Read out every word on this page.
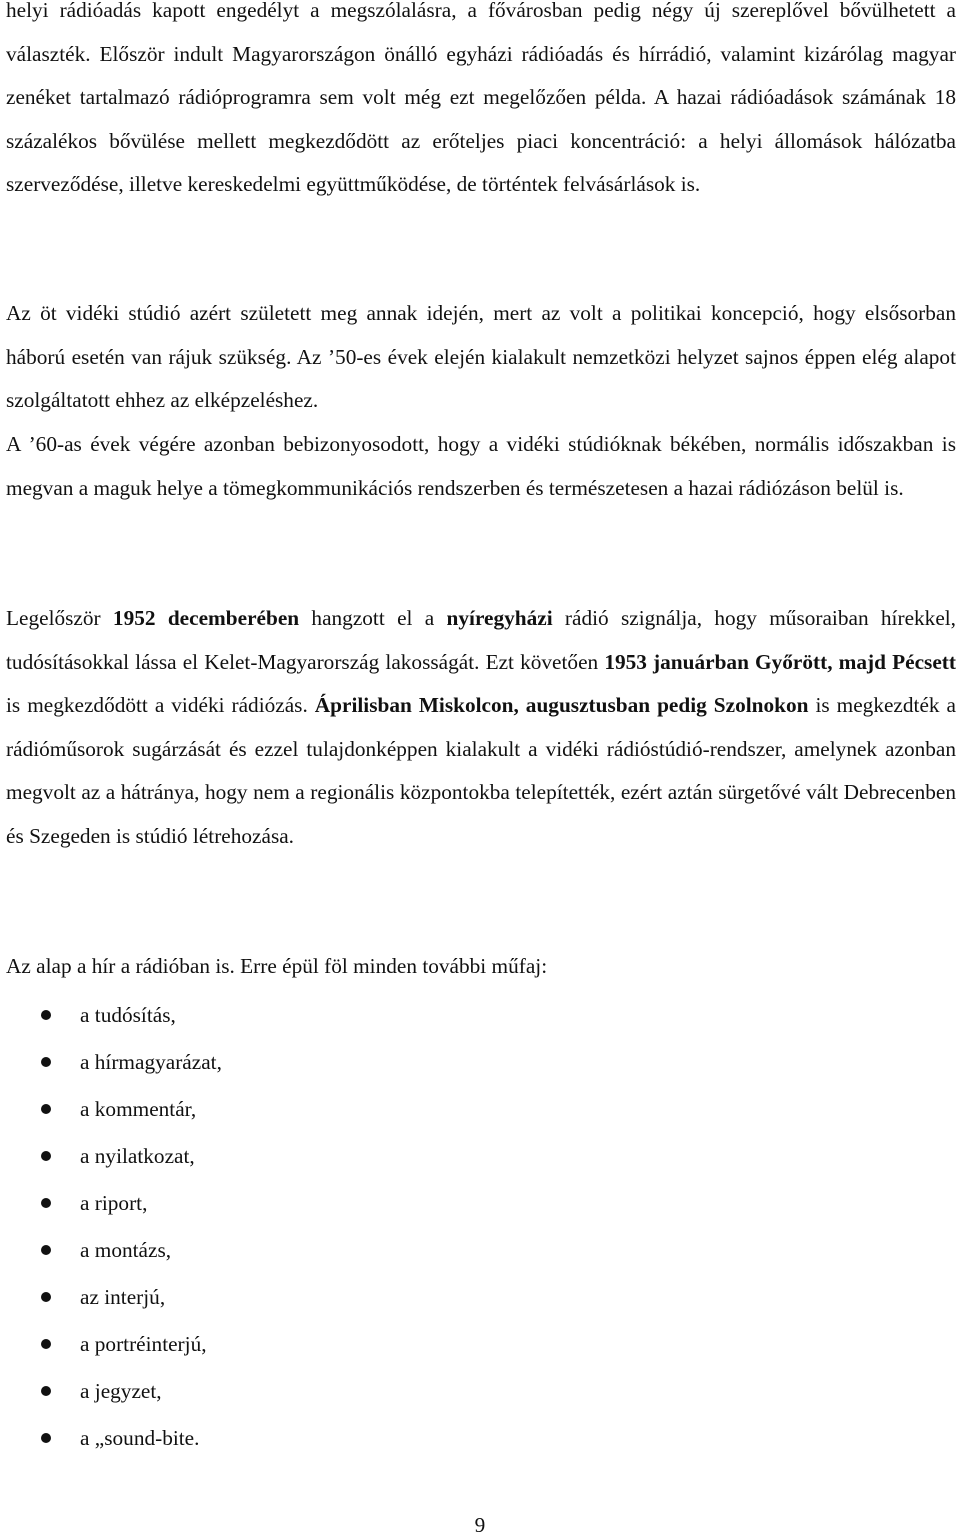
helyi rádióadás kapott engedélyt a megszólalásra, a fővárosban pedig négy új szereplővel bővülhetett a választék. Először indult Magyarországon önálló egyházi rádióadás és hírrádió, valamint kizárólag magyar zenéket tartalmazó rádióprogramra sem volt még ezt megelőzően példa. A hazai rádióadások számának 18 százalékos bővülése mellett megkezdődött az erőteljes piaci koncentráció: a helyi állomások hálózatba szerveződése, illetve kereskedelmi együttműködése, de történtek felvásárlások is.

Az öt vidéki stúdió azért született meg annak idején, mert az volt a politikai koncepció, hogy elsősorban háború esetén van rájuk szükség. Az ’50-es évek elején kialakult nemzetközi helyzet sajnos éppen elég alapot szolgáltatott ehhez az elképzeléshez.

A ’60-as évek végére azonban bebizonyosodott, hogy a vidéki stúdióknak békében, normális időszakban is megvan a maguk helye a tömegkommunikációs rendszerben és természetesen a hazai rádiózáson belül is.

Legelőször 1952 decemberében hangzott el a nyíregyházi rádió szignálja, hogy műsoraiban hírekkel, tudósításokkal lássa el Kelet-Magyarország lakosságát. Ezt követően 1953 januárban Győrött, majd Pécsett is megkezdődött a vidéki rádiózás. Áprilisban Miskolcon, augusztusban pedig Szolnokon is megkezdték a rádióműsorok sugárzását és ezzel tulajdonképpen kialakult a vidéki rádióstúdió-rendszer, amelynek azonban megvolt az a hátránya, hogy nem a regionális központokba telepítették, ezért aztán sürgetővé vált Debrecenben és Szegeden is stúdió létrehozása.

Az alap a hír a rádióban is. Erre épül föl minden további műfaj:

a tudósítás,
a hírmagyarázat,
a kommentár,
a nyilatkozat,
a riport,
a montázs,
az interjú,
a portréinterjú,
a jegyzet,
a „sound-bite.
9
